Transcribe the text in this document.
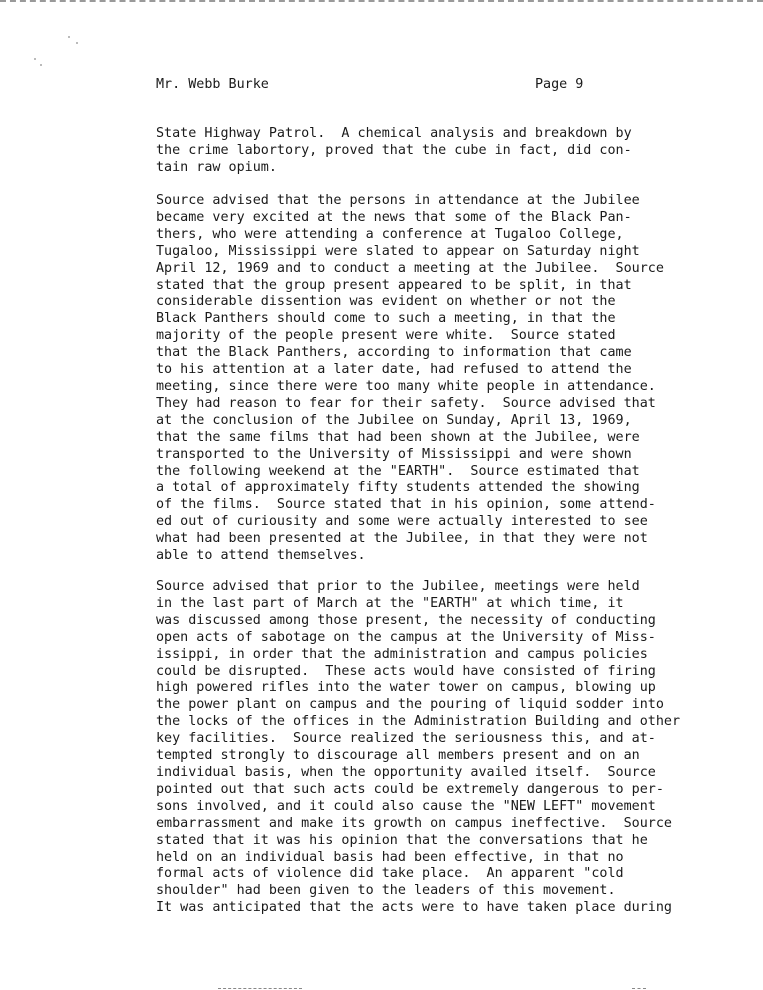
Mr. Webb Burke	Page 9
State Highway Patrol.  A chemical analysis and breakdown by
the crime labortory, proved that the cube in fact, did con-
tain raw opium.
Source advised that the persons in attendance at the Jubilee
became very excited at the news that some of the Black Pan-
thers, who were attending a conference at Tugaloo College,
Tugaloo, Mississippi were slated to appear on Saturday night
April 12, 1969 and to conduct a meeting at the Jubilee.  Source
stated that the group present appeared to be split, in that
considerable dissention was evident on whether or not the
Black Panthers should come to such a meeting, in that the
majority of the people present were white.  Source stated
that the Black Panthers, according to information that came
to his attention at a later date, had refused to attend the
meeting, since there were too many white people in attendance.
They had reason to fear for their safety.  Source advised that
at the conclusion of the Jubilee on Sunday, April 13, 1969,
that the same films that had been shown at the Jubilee, were
transported to the University of Mississippi and were shown
the following weekend at the "EARTH".  Source estimated that
a total of approximately fifty students attended the showing
of the films.  Source stated that in his opinion, some attend-
ed out of curiousity and some were actually interested to see
what had been presented at the Jubilee, in that they were not
able to attend themselves.
Source advised that prior to the Jubilee, meetings were held
in the last part of March at the "EARTH" at which time, it
was discussed among those present, the necessity of conducting
open acts of sabotage on the campus at the University of Miss-
issippi, in order that the administration and campus policies
could be disrupted.  These acts would have consisted of firing
high powered rifles into the water tower on campus, blowing up
the power plant on campus and the pouring of liquid sodder into
the locks of the offices in the Administration Building and other
key facilities.  Source realized the seriousness this, and at-
tempted strongly to discourage all members present and on an
individual basis, when the opportunity availed itself.  Source
pointed out that such acts could be extremely dangerous to per-
sons involved, and it could also cause the "NEW LEFT" movement
embarrassment and make its growth on campus ineffective.  Source
stated that it was his opinion that the conversations that he
held on an individual basis had been effective, in that no
formal acts of violence did take place.  An apparent "cold
shoulder" had been given to the leaders of this movement.
It was anticipated that the acts were to have taken place during
